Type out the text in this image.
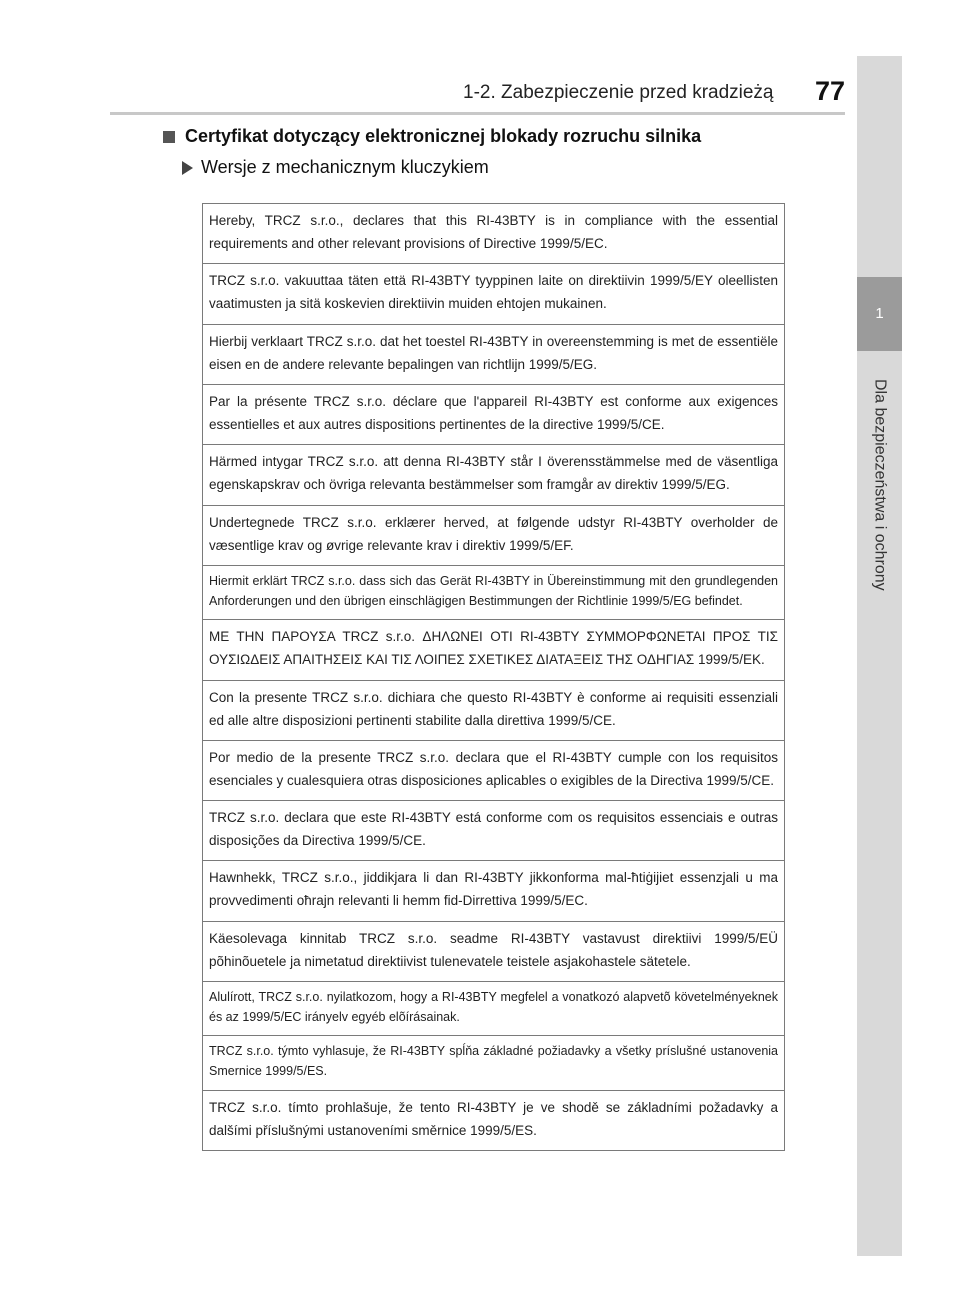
1-2. Zabezpieczenie przed kradzieżą 77
1
Dla bezpieczeństwa i ochrony
Certyfikat dotyczący elektronicznej blokady rozruchu silnika
Wersje z mechanicznym kluczykiem
Hereby, TRCZ s.r.o., declares that this RI-43BTY is in compliance with the essential requirements and other relevant provisions of Directive 1999/5/EC.
TRCZ s.r.o. vakuuttaa täten että RI-43BTY tyyppinen laite on direktiivin 1999/5/EY oleellisten vaatimusten ja sitä koskevien direktiivin muiden ehtojen mukainen.
Hierbij verklaart TRCZ s.r.o. dat het toestel RI-43BTY in overeenstemming is met de essentiële eisen en de andere relevante bepalingen van richtlijn 1999/5/EG.
Par la présente TRCZ s.r.o. déclare que l'appareil RI-43BTY est conforme aux exigences essentielles et aux autres dispositions pertinentes de la directive 1999/5/CE.
Härmed intygar TRCZ s.r.o. att denna RI-43BTY står I överensstämmelse med de väsentliga egenskapskrav och övriga relevanta bestämmelser som framgår av direktiv 1999/5/EG.
Undertegnede TRCZ s.r.o. erklærer herved, at følgende udstyr RI-43BTY overholder de væsentlige krav og øvrige relevante krav i direktiv 1999/5/EF.
Hiermit erklärt TRCZ s.r.o. dass sich das Gerät RI-43BTY in Übereinstimmung mit den grundlegenden Anforderungen und den übrigen einschlägigen Bestimmungen der Richtlinie 1999/5/EG befindet.
ΜΕ ΤΗΝ ΠΑΡΟΥΣΑ TRCZ s.r.o. ΔΗΛΩΝΕΙ ΟΤΙ RI-43BTY ΣΥΜΜΟΡΦΩΝΕΤΑΙ ΠΡΟΣ ΤΙΣ ΟΥΣΙΩΔΕΙΣ ΑΠΑΙΤΗΣΕΙΣ ΚΑΙ ΤΙΣ ΛΟΙΠΕΣ ΣΧΕΤΙΚΕΣ ΔΙΑΤΑΞΕΙΣ ΤΗΣ ΟΔΗΓΙΑΣ 1999/5/ΕΚ.
Con la presente TRCZ s.r.o. dichiara che questo RI-43BTY è conforme ai requisiti essenziali ed alle altre disposizioni pertinenti stabilite dalla direttiva 1999/5/CE.
Por medio de la presente TRCZ s.r.o. declara que el RI-43BTY cumple con los requisitos esenciales y cualesquiera otras disposiciones aplicables o exigibles de la Directiva 1999/5/CE.
TRCZ s.r.o. declara que este RI-43BTY está conforme com os requisitos essenciais e outras disposições da Directiva 1999/5/CE.
Hawnhekk, TRCZ s.r.o., jiddikjara li dan RI-43BTY jikkonforma mal-ħtiġijiet essenzjali u ma provvedimenti oħrajn relevanti li hemm fid-Dirrettiva 1999/5/EC.
Käesolevaga kinnitab TRCZ s.r.o. seadme RI-43BTY vastavust direktiivi 1999/5/EÜ põhinõuetele ja nimetatud direktiivist tulenevatele teistele asjakohastele sätetele.
Alulírott, TRCZ s.r.o. nyilatkozom, hogy a RI-43BTY megfelel a vonatkozó alapvetõ követelményeknek és az 1999/5/EC irányelv egyéb elõírásainak.
TRCZ s.r.o. týmto vyhlasuje, že RI-43BTY spĺňa základné požiadavky a všetky príslušné ustanovenia Smernice 1999/5/ES.
TRCZ s.r.o. tímto prohlašuje, že tento RI-43BTY je ve shodě se základními požadavky a dalšími příslušnými ustanoveními směrnice 1999/5/ES.
